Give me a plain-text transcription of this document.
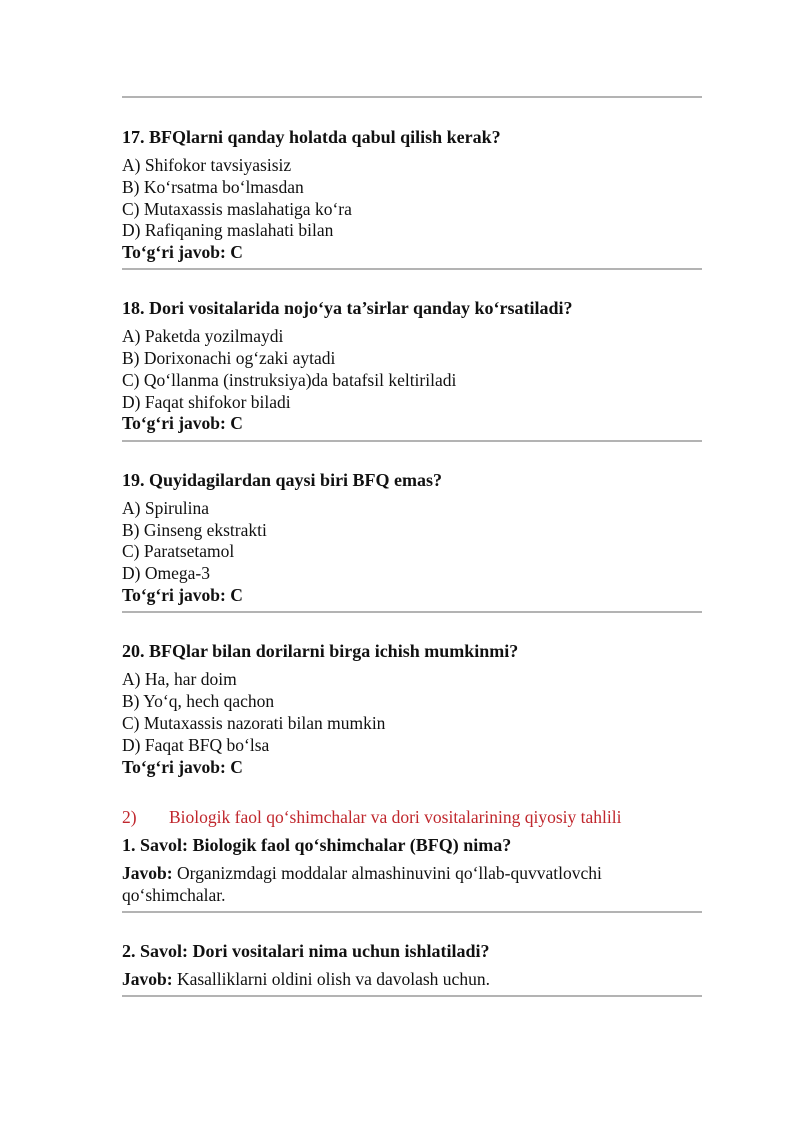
17. BFQlarni qanday holatda qabul qilish kerak?
A) Shifokor tavsiyasisiz
B) Ko‘rsatma bo‘lmasdan
C) Mutaxassis maslahatiga ko‘ra
D) Rafiqaning maslahati bilan
To‘g‘ri javob: C
18. Dori vositalarida nojo‘ya ta’sirlar qanday ko‘rsatiladi?
A) Paketda yozilmaydi
B) Dorixonachi og‘zaki aytadi
C) Qo‘llanma (instruksiya)da batafsil keltiriladi
D) Faqat shifokor biladi
To‘g‘ri javob: C
19. Quyidagilardan qaysi biri BFQ emas?
A) Spirulina
B) Ginseng ekstrakti
C) Paratsetamol
D) Omega-3
To‘g‘ri javob: C
20. BFQlar bilan dorilarni birga ichish mumkinmi?
A) Ha, har doim
B) Yo‘q, hech qachon
C) Mutaxassis nazorati bilan mumkin
D) Faqat BFQ bo‘lsa
To‘g‘ri javob: C
2) Biologik faol qo‘shimchalar va dori vositalarining qiyosiy tahlili
1. Savol: Biologik faol qo‘shimchalar (BFQ) nima?
Javob: Organizmdagi moddalar almashinuvini qo‘llab-quvvatlovchi qo‘shimchalar.
2. Savol: Dori vositalari nima uchun ishlatiladi?
Javob: Kasalliklarni oldini olish va davolash uchun.
